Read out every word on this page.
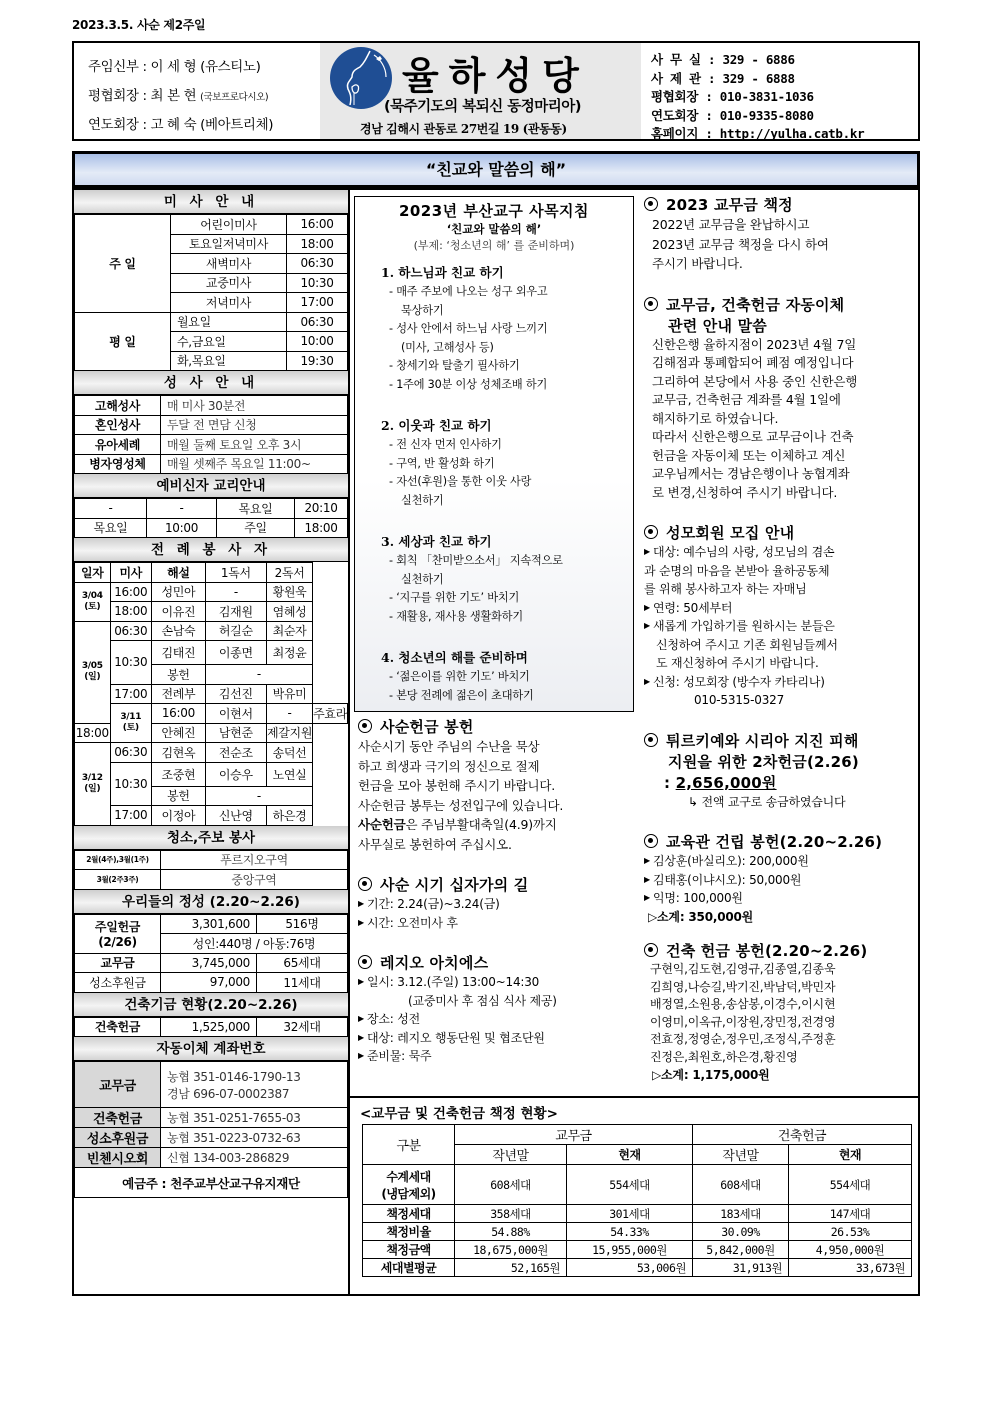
2023.3.5. 사순 제2주일
주임신부 : 이 세 형 (유스티노)
평협회장 : 최 본 현 (국보프로다시오)
연도회장 : 고 혜 숙 (베아트리체)
율하성당
(묵주기도의 복되신 동정마리아)
경남 김해시 관동로 27번길 19 (관동동)
사 무 실 : 329 - 6886
사 제 관 : 329 - 6888
평협회장 : 010-3831-1036
연도회장 : 010-9335-8080
홈페이지 : http://yulha.catb.kr
“친교와 말씀의 해”
미 사 안 내
주 일	어린이미사	16:00
	토요일저녁미사	18:00
	새벽미사	06:30
	교중미사	10:30
	저녁미사	17:00
평 일	월요일	06:30
	수,금요일	10:00
	화,목요일	19:30
성 사 안 내
고해성사	매 미사 30분전
혼인성사	두달 전 면담 신청
유아세례	매월 둘째 토요일 오후 3시
병자영성체	매월 셋째주 목요일 11:00~
예비신자 교리안내
-	-	목요일	20:10
목요일	10:00	주일	18:00
전 례 봉 사 자
일자	미사	해설	1독서	2독서	
3/04
(토)	16:00	성민아	-	황원욱	
	18:00	이유진	김재원	염혜성	
3/05
(일)	06:30	손남숙	허길순	최순자	
	10:30	김태진	이종면	최정윤	
		봉헌	-		
	17:00	전례부	김선진	박유미	
	3/11
(토)	16:00	이현서	-	주효라
18:00		안혜진	남현준	제갈지원	
3/12
(일)	06:30	김현옥	전순조	송덕선	
	10:30	조중현	이승우	노연실	
		봉헌	-		
	17:00	이정아	신난영	하은경	
청소,주보 봉사
2월(4주),3월(1주)	푸르지오구역
3월(2주3주)	중앙구역
우리들의 정성 (2.20~2.26)
주일헌금
(2/26)	3,301,600	516명
	성인:440명 / 아동:76명	
교무금	3,745,000	65세대
성소후원금	97,000	11세대
건축기금 현황(2.20~2.26)
건축헌금	1,525,000	32세대
자동이체 계좌번호
교무금	농협 351-0146-1790-13
경남 696-07-0002387
건축헌금	농협 351-0251-7655-03
성소후원금	농협 351-0223-0732-63
빈첸시오회	신협 134-003-286829
예금주 : 천주교부산교구유지재단	
2023년 부산교구 사목지침
‘친교와 말씀의 해’
(부제: ‘청소년의 해’ 를 준비하며)
1. 하느님과 친교 하기
- 매주 주보에 나오는 성구 외우고
묵상하기
- 성사 안에서 하느님 사랑 느끼기
(미사, 고해성사 등)
- 창세기와 탈출기 필사하기
- 1주에 30분 이상 성체조배 하기
2. 이웃과 친교 하기
- 전 신자 먼저 인사하기
- 구역, 반 활성화 하기
- 자선(후원)을 통한 이웃 사랑
실천하기
3. 세상과 친교 하기
- 회칙 「찬미받으소서」 지속적으로
실천하기
- ‘지구를 위한 기도’ 바치기
- 재활용, 재사용 생활화하기
4. 청소년의 해를 준비하며
- ‘젊은이를 위한 기도’ 바치기
- 본당 전례에 젊은이 초대하기
사순헌금 봉헌
사순시기 동안 주님의 수난을 묵상
하고 희생과 극기의 정신으로 절제
헌금을 모아 봉헌해 주시기 바랍니다.
사순헌금 봉투는 성전입구에 있습니다.
사순헌금은 주님부활대축일(4.9)까지
사무실로 봉헌하여 주십시오.
사순 시기 십자가의 길
▶ 기간: 2.24(금)~3.24(금)
▶ 시간: 오전미사 후
레지오 아치에스
▶ 일시: 3.12.(주일) 13:00~14:30
(교중미사 후 점심 식사 제공)
▶ 장소: 성전
▶ 대상: 레지오 행동단원 및 협조단원
▶ 준비물: 묵주
2023 교무금 책정
2022년 교무금을 완납하시고
2023년 교무금 책정을 다시 하여
주시기 바랍니다.
교무금, 건축헌금 자동이체
관련 안내 말씀
신한은행 율하지점이 2023년 4월 7일
김해점과 통폐합되어 폐점 예정입니다
그리하여 본당에서 사용 중인 신한은행
교무금, 건축헌금 계좌를 4월 1일에
해지하기로 하였습니다.
따라서 신한은행으로 교무금이나 건축
헌금을 자동이체 또는 이체하고 계신
교우님께서는 경남은행이나 농협계좌
로 변경,신청하여 주시기 바랍니다.
성모회원 모집 안내
▶ 대상: 예수님의 사랑, 성모님의 겸손
과 순명의 마음을 본받아 율하공동체
를 위해 봉사하고자 하는 자매님
▶ 연령: 50세부터
▶ 새롭게 가입하기를 원하시는 분들은
신청하여 주시고 기존 회원님들께서
도 재신청하여 주시기 바랍니다.
▶ 신청: 성모회장 (방수자 카타리나)
010-5315-0327
튀르키예와 시리아 지진 피해
지원을 위한 2차헌금(2.26)
: 2,656,000원
↳ 전액 교구로 송금하였습니다
교육관 건립 봉헌(2.20~2.26)
▶ 김상훈(바실리오): 200,000원
▶ 김태홍(이냐시오): 50,000원
▶ 익명: 100,000원
▷소계: 350,000원
건축 헌금 봉헌(2.20~2.26)
구현익,김도현,김영규,김종열,김종욱
김희영,나승길,박기진,박남덕,박민자
배정열,소원용,송삼봉,이경수,이시현
이영미,이옥규,이장원,장민정,전경영
전효정,정영순,정우민,조정식,주정훈
진정은,최원호,하은경,황진영
▷소계: 1,175,000원
<교무금 및 건축헌금 책정 현황>
구분	교무금		건축헌금	
	작년말	현재	작년말	현재
수계세대
(냉담제외)	608세대	554세대	608세대	554세대
책정세대	358세대	301세대	183세대	147세대
책정비율	54.88%	54.33%	30.09%	26.53%
책정금액	18,675,000원	15,955,000원	5,842,000원	4,950,000원
세대별평균	52,165원	53,006원	31,913원	33,673원
